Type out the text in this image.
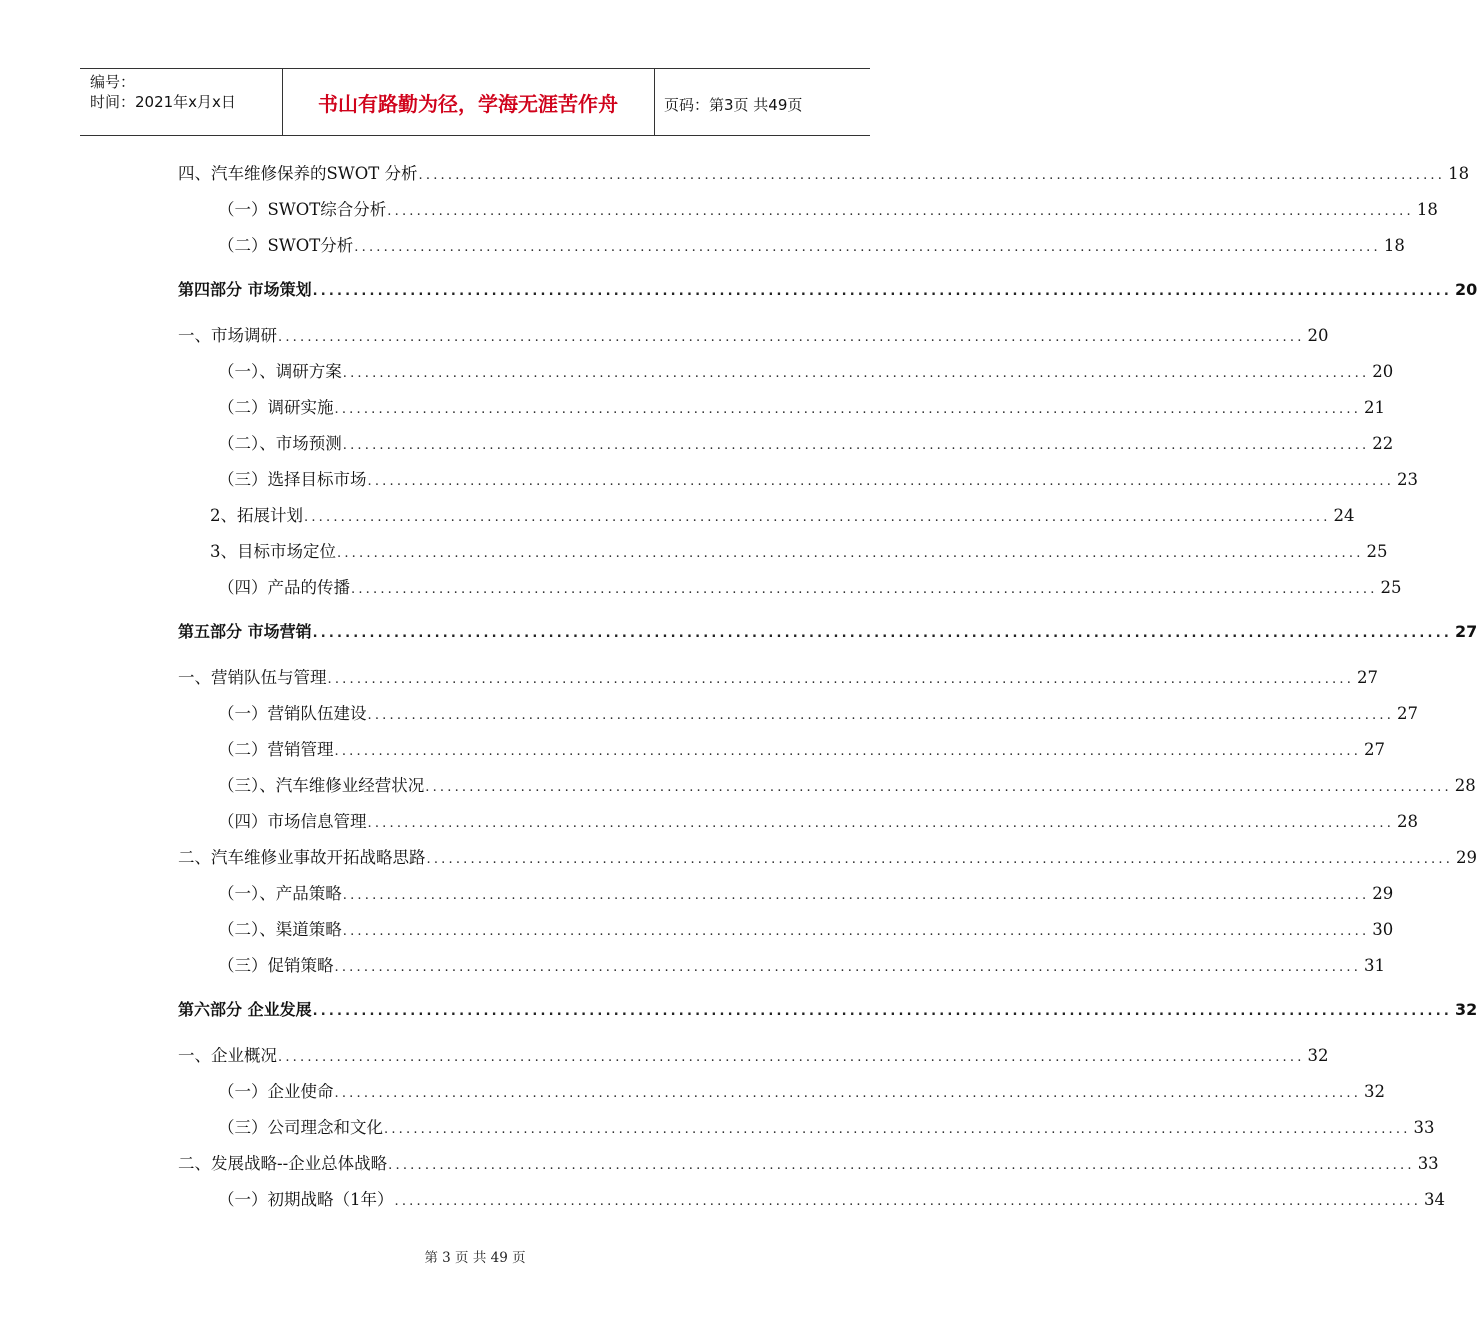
编号：
时间：2021年x月x日	书山有路勤为径，学海无涯苦作舟	页码：第3页 共49页
四、汽车维修保养的SWOT 分析 ............................................................................................................................................ 18
（一）SWOT综合分析 ............................................................................................................................................ 18
（二）SWOT分析 ............................................................................................................................................ 18
第四部分 市场策划 ............................................................................................................................................ 20
一、市场调研 ............................................................................................................................................ 20
（一）、调研方案 ............................................................................................................................................ 20
（二）调研实施 ............................................................................................................................................ 21
（二）、市场预测 ............................................................................................................................................ 22
（三）选择目标市场 ............................................................................................................................................ 23
2、拓展计划 ............................................................................................................................................ 24
3、目标市场定位 ............................................................................................................................................ 25
（四）产品的传播 ............................................................................................................................................ 25
第五部分 市场营销 ............................................................................................................................................ 27
一、营销队伍与管理 ............................................................................................................................................ 27
（一）营销队伍建设 ............................................................................................................................................ 27
（二）营销管理 ............................................................................................................................................ 27
（三）、汽车维修业经营状况 ............................................................................................................................................ 28
（四）市场信息管理 ............................................................................................................................................ 28
二、汽车维修业事故开拓战略思路 ............................................................................................................................................ 29
（一）、产品策略 ............................................................................................................................................ 29
（二）、渠道策略 ............................................................................................................................................ 30
（三）促销策略 ............................................................................................................................................ 31
第六部分 企业发展 ............................................................................................................................................ 32
一、企业概况 ............................................................................................................................................ 32
（一）企业使命 ............................................................................................................................................ 32
（三）公司理念和文化 ............................................................................................................................................ 33
二、发展战略--企业总体战略 ............................................................................................................................................ 33
（一）初期战略（1年） ............................................................................................................................................ 34
第 3 页 共 49 页
